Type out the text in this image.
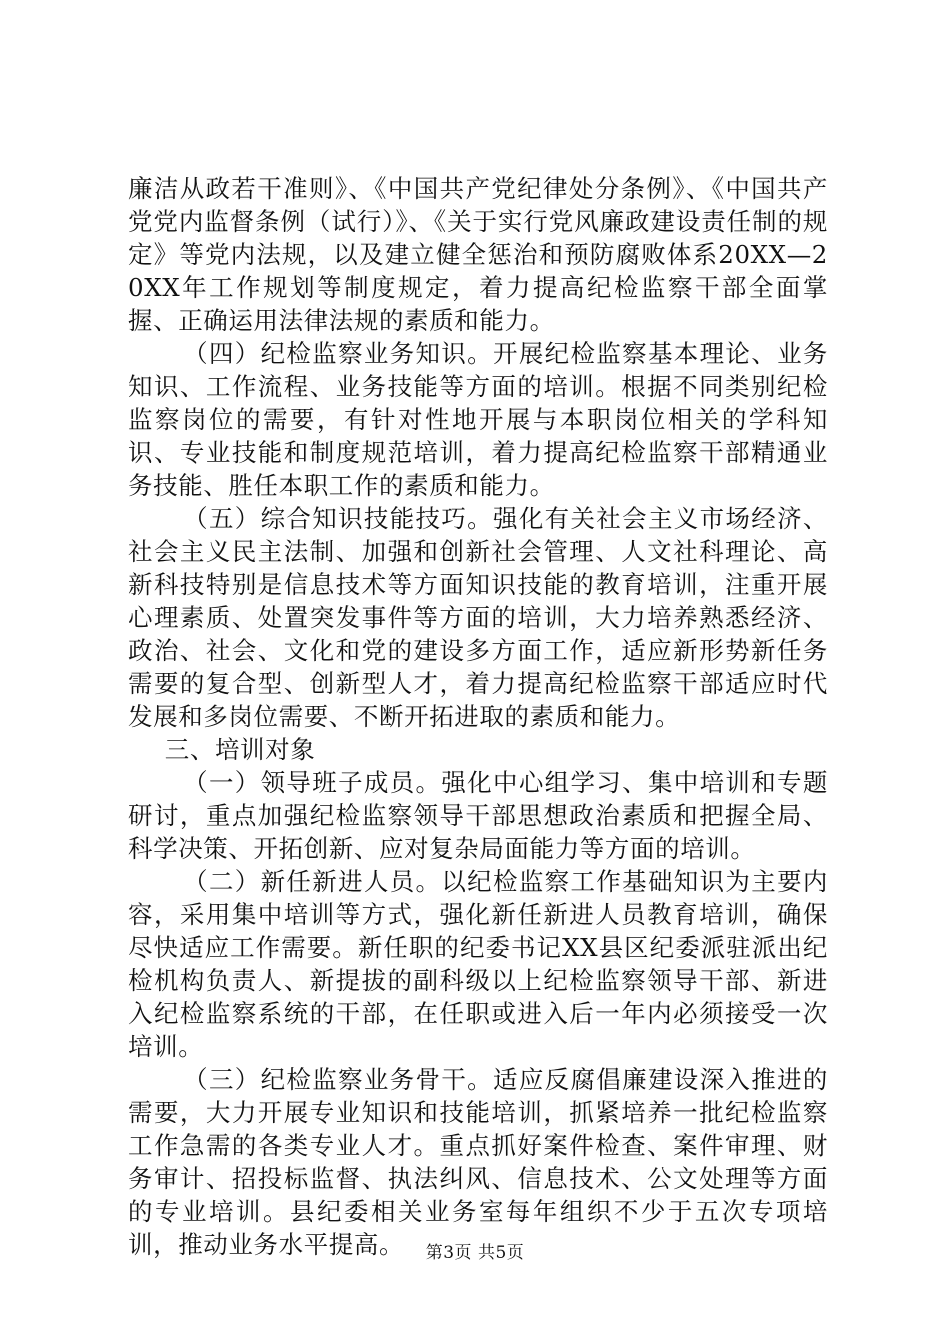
廉洁从政若干准则》、《中国共产党纪律处分条例》、《中国共产党党内监督条例（试行）》、《关于实行党风廉政建设责任制的规定》等党内法规，以及建立健全惩治和预防腐败体系20XX—20XX年工作规划等制度规定，着力提高纪检监察干部全面掌握、正确运用法律法规的素质和能力。

（四）纪检监察业务知识。开展纪检监察基本理论、业务知识、工作流程、业务技能等方面的培训。根据不同类别纪检监察岗位的需要，有针对性地开展与本职岗位相关的学科知识、专业技能和制度规范培训，着力提高纪检监察干部精通业务技能、胜任本职工作的素质和能力。

（五）综合知识技能技巧。强化有关社会主义市场经济、社会主义民主法制、加强和创新社会管理、人文社科理论、高新科技特别是信息技术等方面知识技能的教育培训，注重开展心理素质、处置突发事件等方面的培训，大力培养熟悉经济、政治、社会、文化和党的建设多方面工作，适应新形势新任务需要的复合型、创新型人才，着力提高纪检监察干部适应时代发展和多岗位需要、不断开拓进取的素质和能力。

三、培训对象

（一）领导班子成员。强化中心组学习、集中培训和专题研讨，重点加强纪检监察领导干部思想政治素质和把握全局、科学决策、开拓创新、应对复杂局面能力等方面的培训。

（二）新任新进人员。以纪检监察工作基础知识为主要内容，采用集中培训等方式，强化新任新进人员教育培训，确保尽快适应工作需要。新任职的纪委书记XX县区纪委派驻派出纪检机构负责人、新提拔的副科级以上纪检监察领导干部、新进入纪检监察系统的干部，在任职或进入后一年内必须接受一次培训。

（三）纪检监察业务骨干。适应反腐倡廉建设深入推进的需要，大力开展专业知识和技能培训，抓紧培养一批纪检监察工作急需的各类专业人才。重点抓好案件检查、案件审理、财务审计、招投标监督、执法纠风、信息技术、公文处理等方面的专业培训。县纪委相关业务室每年组织不少于五次专项培训，推动业务水平提高。	第3页 共5页
